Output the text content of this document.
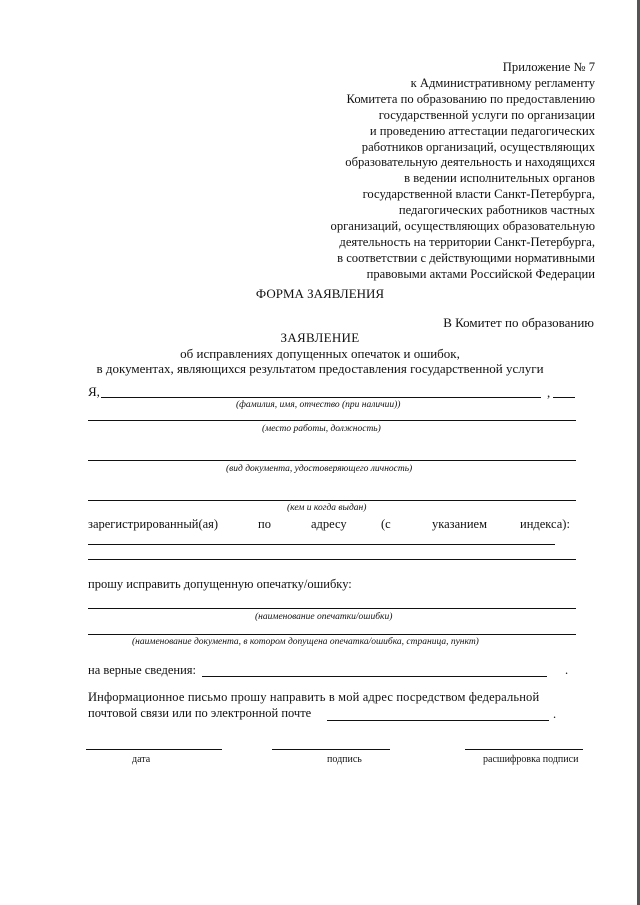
Приложение № 7
к Административному регламенту
Комитета по образованию по предоставлению
государственной услуги по организации
и проведению аттестации педагогических
работников организаций, осуществляющих
образовательную деятельность и находящихся
в ведении исполнительных органов
государственной власти Санкт-Петербурга,
педагогических работников частных
организаций, осуществляющих образовательную
деятельность на территории Санкт-Петербурга,
в соответствии с действующими нормативными
правовыми актами Российской Федерации
ФОРМА ЗАЯВЛЕНИЯ
В Комитет по образованию
ЗАЯВЛЕНИЕ
об исправлениях допущенных опечаток и ошибок,
в документах, являющихся результатом предоставления государственной услуги
Я,	,
(фамилия, имя, отчество (при наличии))
(место работы, должность)
(вид документа, удостоверяющего личность)
(кем и когда выдан)
зарегистрированный(ая)	по	адресу	(с	указанием	индекса):
прошу исправить допущенную опечатку/ошибку:
(наименование опечатки/ошибки)
(наименование документа, в котором допущена опечатка/ошибка, страница, пункт)
на верные сведения:	.
Информационное письмо прошу направить в мой адрес посредством федеральной
почтовой связи или по электронной почте	.
дата	подпись	расшифровка подписи
